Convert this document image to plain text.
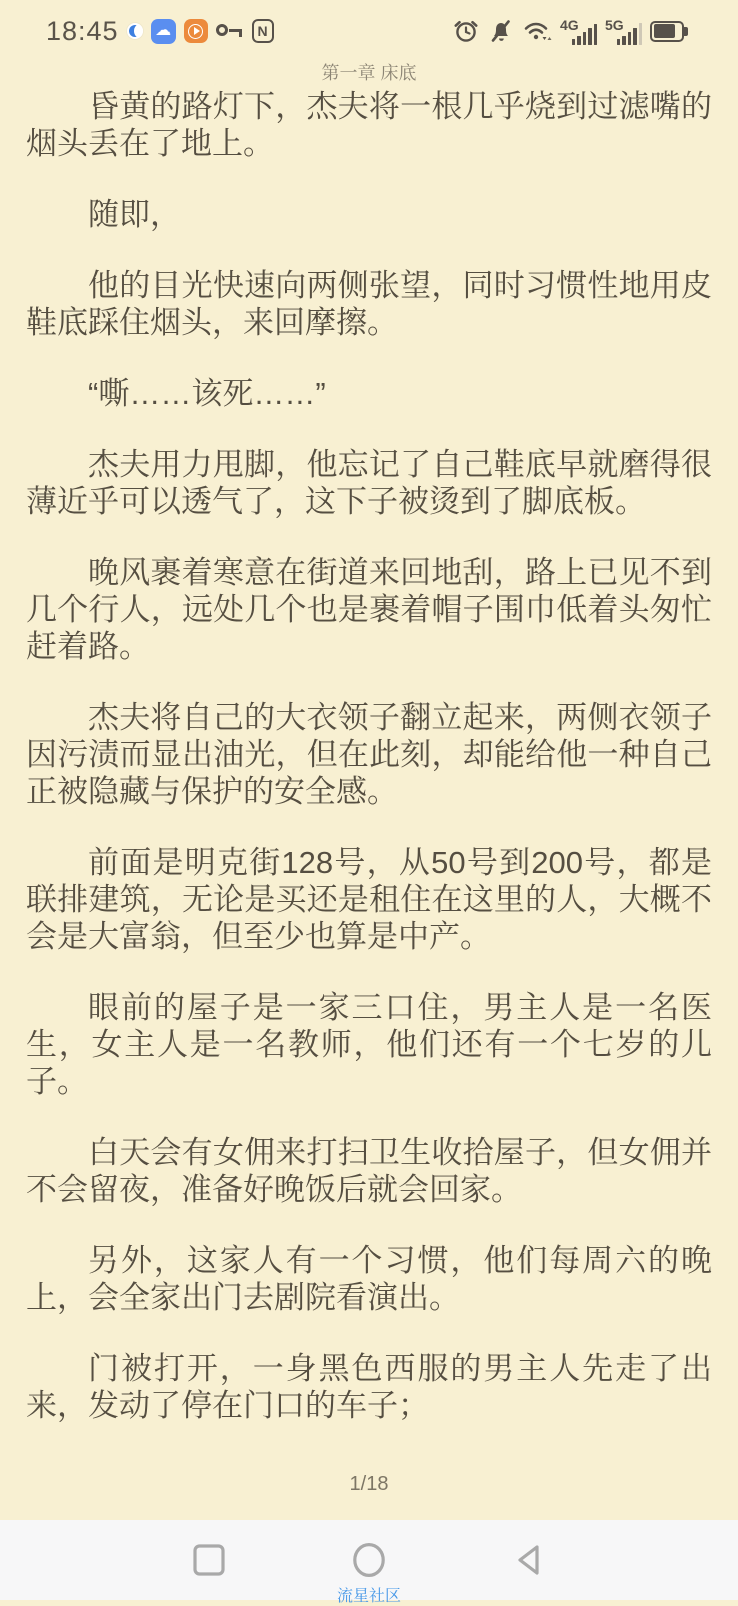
18:45 ☁	N	4G 5G
第一章 床底

昏黄的路灯下，杰夫将一根几乎烧到过滤嘴的烟头丢在了地上。

随即，

他的目光快速向两侧张望，同时习惯性地用皮鞋底踩住烟头，来回摩擦。

“嘶……该死……”

杰夫用力甩脚，他忘记了自己鞋底早就磨得很薄近乎可以透气了，这下子被烫到了脚底板。

晚风裹着寒意在街道来回地刮，路上已见不到几个行人，远处几个也是裹着帽子围巾低着头匆忙赶着路。

杰夫将自己的大衣领子翻立起来，两侧衣领子因污渍而显出油光，但在此刻，却能给他一种自己正被隐藏与保护的安全感。

前面是明克街128号，从50号到200号，都是联排建筑，无论是买还是租住在这里的人，大概不会是大富翁，但至少也算是中产。

眼前的屋子是一家三口住，男主人是一名医生，女主人是一名教师，他们还有一个七岁的儿子。

白天会有女佣来打扫卫生收拾屋子，但女佣并不会留夜，准备好晚饭后就会回家。

另外，这家人有一个习惯，他们每周六的晚上，会全家出门去剧院看演出。

门被打开，一身黑色西服的男主人先走了出来，发动了停在门口的车子；

1/18
流星社区
